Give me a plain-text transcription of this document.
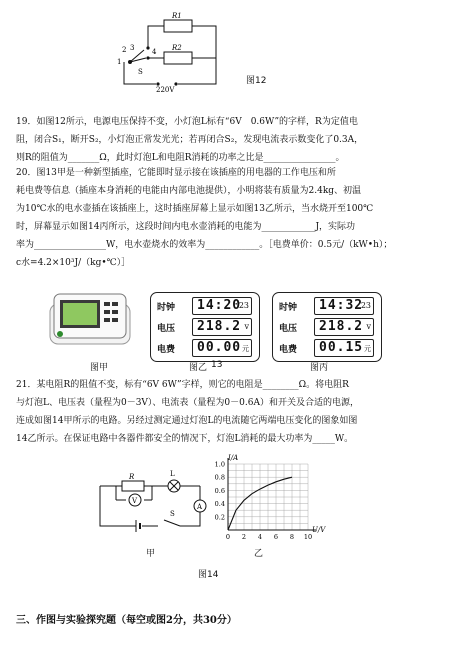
R1
R2
1
2 3	4
S
220V
图12
19．如图12所示，电源电压保持不变，小灯泡L标有“6V　0.6W”的字样，R为定值电
阻，闭合S₁，断开S₂，小灯泡正常发光光；若再闭合S₂，发现电流表示数变化了0.3A，
则R的阻值为_______Ω，此时灯泡L和电阻R消耗的功率之比是________________。
20．图13甲是一种新型插座，它能即时显示接在该插座的用电器的工作电压和所
耗电费等信息（插座本身消耗的电能由内部电池提供），小明将装有质量为2.4kg、初温
为10℃水的电水壶插在该插座上，这时插座屏幕上显示如图13乙所示，当水烧开至100℃
时，屏幕显示如图14丙所示，这段时间内电水壶消耗的电能为____________J，实际功
率为________________W，电水壶烧水的效率为____________。［电费单价：0.5元/（kW•h）；
c水=4.2×10³J/（kg•℃）］
时钟 14:20
23
电压 218.2 v
电费 00.00 元
时钟 14:32
23
电压 218.2 v
电费 00.15 元
图甲	图乙 13	图丙
21．某电阻R的阻值不变，标有“6V 6W”字样，则它的电阻是________Ω。将电阻R
与灯泡L、电压表（量程为0－3V）、电流表（量程为0－0.6A）和开关及合适的电源，
连成如图14甲所示的电路。另经过测定通过灯泡L的电流随它两端电压变化的图象如图
14乙所示。在保证电路中各器件都安全的情况下，灯泡L消耗的最大功率为_____W。
R	L
V
A
S
1.0
0.8
0.6
0.4
0.2
0 2 4 6 8 10
I/A
U/V
甲	乙
图14
三、作图与实验探究题（每空或图2分，共30分）
